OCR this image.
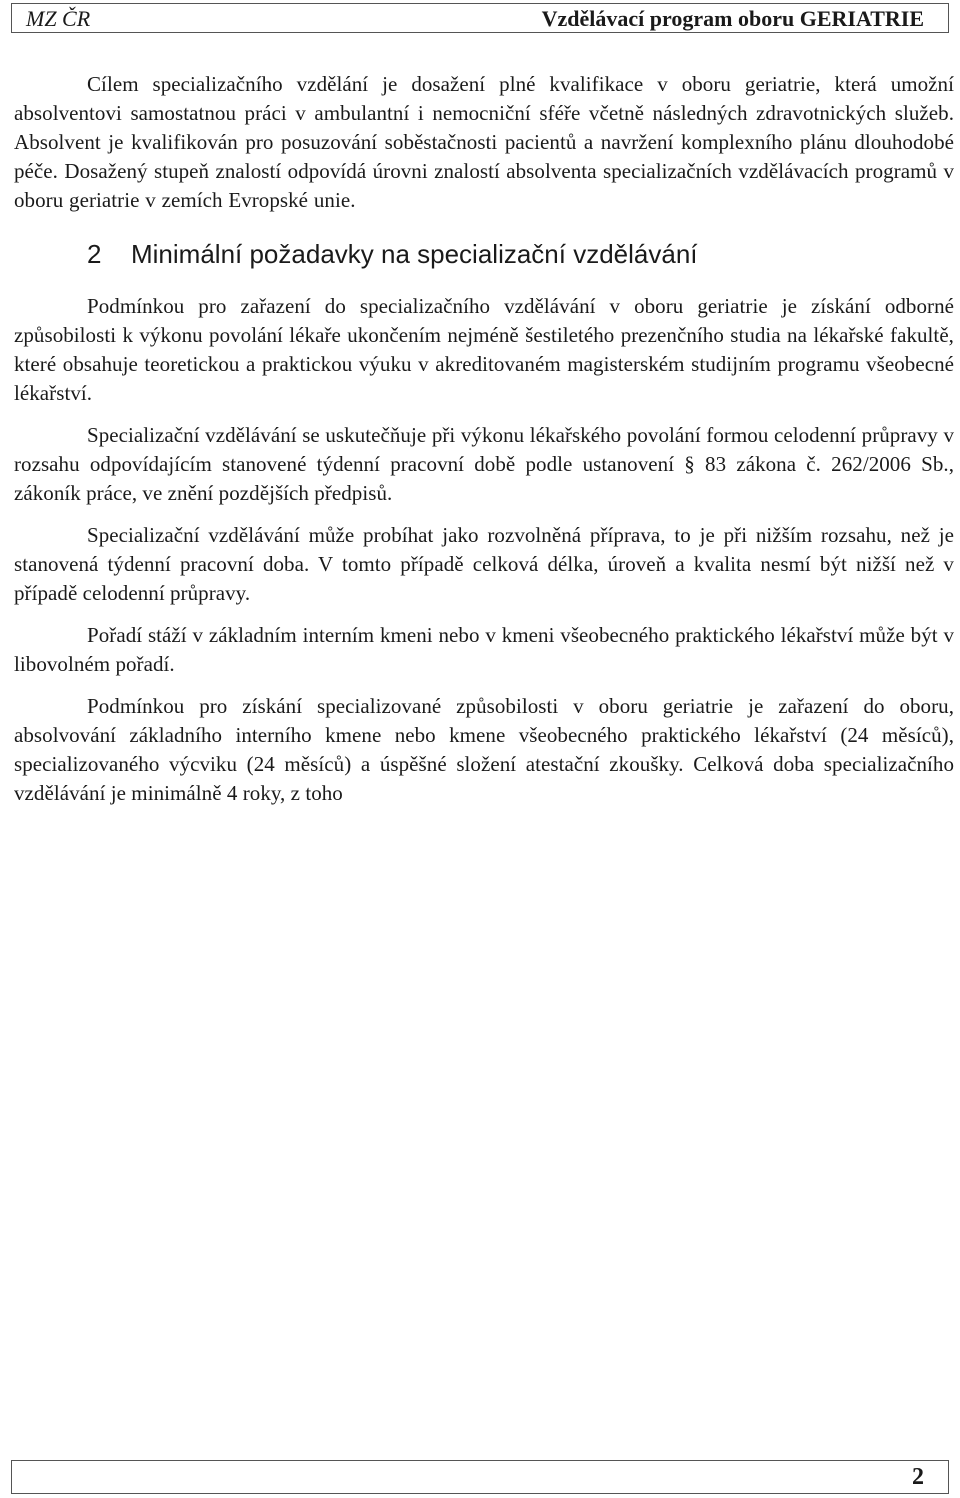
MZ ČR	Vzdělávací program oboru GERIATRIE

Cílem specializačního vzdělání je dosažení plné kvalifikace v oboru geriatrie, která umožní absolventovi samostatnou práci v ambulantní i nemocniční sféře včetně následných zdravotnických služeb. Absolvent je kvalifikován pro posuzování soběstačnosti pacientů a navržení komplexního plánu dlouhodobé péče. Dosažený stupeň znalostí odpovídá úrovni znalostí absolventa specializačních vzdělávacích programů v oboru geriatrie v zemích Evropské unie.

2 Minimální požadavky na specializační vzdělávání

Podmínkou pro zařazení do specializačního vzdělávání v oboru geriatrie je získání odborné způsobilosti k výkonu povolání lékaře ukončením nejméně šestiletého prezenčního studia na lékařské fakultě, které obsahuje teoretickou a praktickou výuku v akreditovaném magisterském studijním programu všeobecné lékařství.

Specializační vzdělávání se uskutečňuje při výkonu lékařského povolání formou celodenní průpravy v rozsahu odpovídajícím stanovené týdenní pracovní době podle ustanovení § 83 zákona č. 262/2006 Sb., zákoník práce, ve znění pozdějších předpisů.

Specializační vzdělávání může probíhat jako rozvolněná příprava, to je při nižším rozsahu, než je stanovená týdenní pracovní doba. V tomto případě celková délka, úroveň a kvalita nesmí být nižší než v případě celodenní průpravy.

Pořadí stáží v základním interním kmeni nebo v kmeni všeobecného praktického lékařství může být v libovolném pořadí.

Podmínkou pro získání specializované způsobilosti v oboru geriatrie je zařazení do oboru, absolvování základního interního kmene nebo kmene všeobecného praktického lékařství (24 měsíců), specializovaného výcviku (24 měsíců) a úspěšné složení atestační zkoušky. Celková doba specializačního vzdělávání je minimálně 4 roky, z toho

2
